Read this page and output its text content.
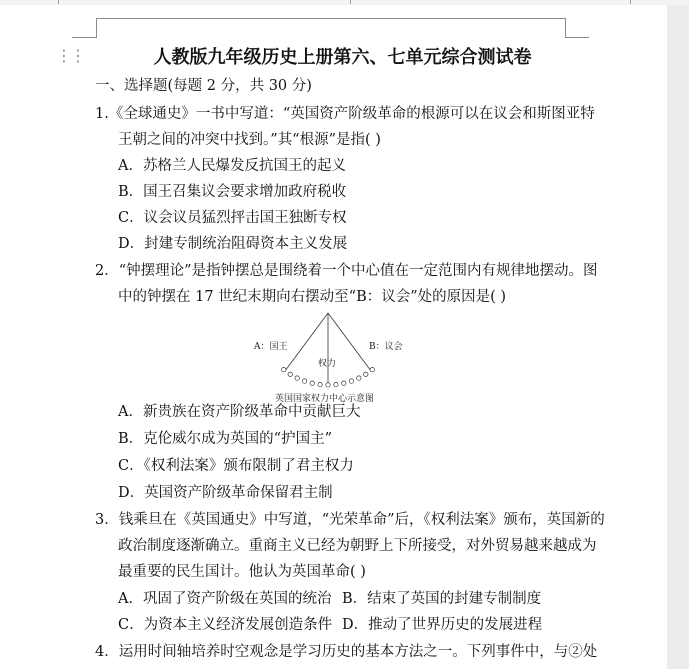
⋮⋮	人教版九年级历史上册第六、七单元综合测试卷
一、选择题(每题 2 分，共 30 分)
1.《全球通史》一书中写道：“英国资产阶级革命的根源可以在议会和斯图亚特
王朝之间的冲突中找到。”其“根源”是指( )
A．苏格兰人民爆发反抗国王的起义
B．国王召集议会要求增加政府税收
C．议会议员猛烈抨击国王独断专权
D．封建专制统治阻碍资本主义发展
2．“钟摆理论”是指钟摆总是围绕着一个中心值在一定范围内有规律地摆动。图
中的钟摆在 17 世纪末期向右摆动至“B：议会”处的原因是( )
A：国王	B：议会
权力
英国国家权力中心示意图
A．新贵族在资产阶级革命中贡献巨大
B．克伦威尔成为英国的“护国主”
C．《权利法案》颁布限制了君主权力
D．英国资产阶级革命保留君主制
3．钱乘旦在《英国通史》中写道，“光荣革命”后，《权利法案》颁布，英国新的
政治制度逐渐确立。重商主义已经为朝野上下所接受，对外贸易越来越成为
最重要的民生国计。他认为英国革命( )
A．巩固了资产阶级在英国的统治 B．结束了英国的封建专制制度
C．为资本主义经济发展创造条件 D．推动了世界历史的发展进程
4．运用时间轴培养时空观念是学习历史的基本方法之一。下列事件中，与②处
